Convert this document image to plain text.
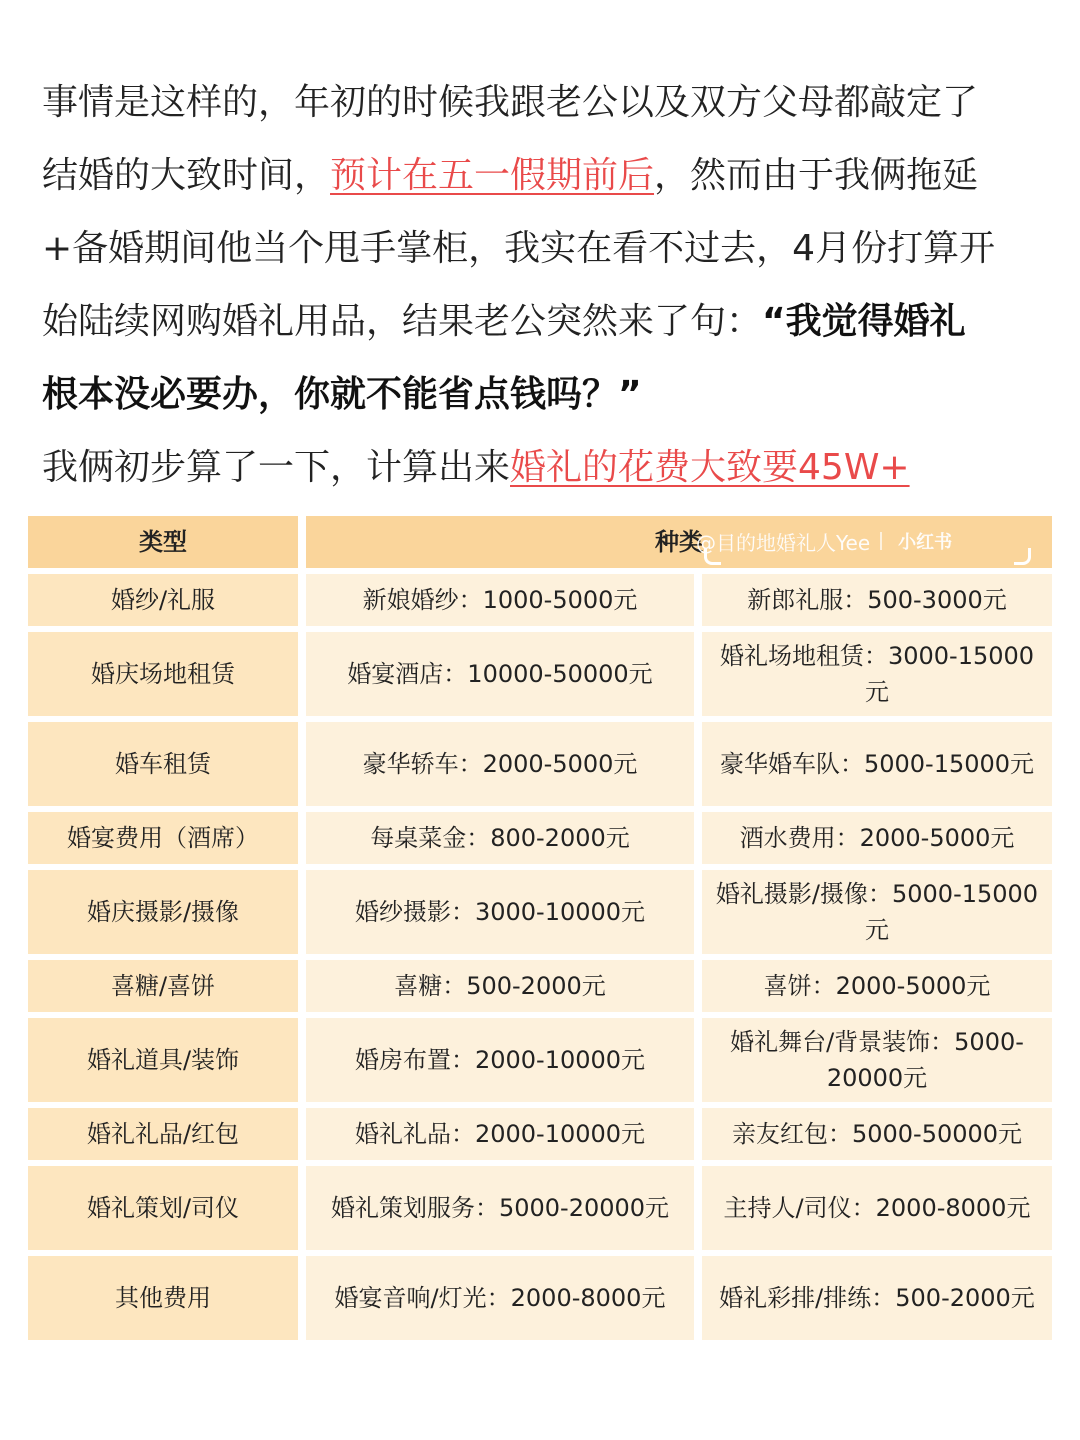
事情是这样的，年初的时候我跟老公以及双方父母都敲定了
结婚的大致时间，预计在五一假期前后，然而由于我俩拖延
+备婚期间他当个甩手掌柜，我实在看不过去，4月份打算开
始陆续网购婚礼用品，结果老公突然来了句：“我觉得婚礼
根本没必要办，你就不能省点钱吗？”
我俩初步算了一下，计算出来婚礼的花费大致要45W+
类型	种类	
婚纱/礼服	新娘婚纱：1000-5000元	新郎礼服：500-3000元
婚庆场地租赁	婚宴酒店：10000-50000元	婚礼场地租赁：3000-15000元
婚车租赁	豪华轿车：2000-5000元	豪华婚车队：5000-15000元
婚宴费用（酒席）	每桌菜金：800-2000元	酒水费用：2000-5000元
婚庆摄影/摄像	婚纱摄影：3000-10000元	婚礼摄影/摄像：5000-15000元
喜糖/喜饼	喜糖：500-2000元	喜饼：2000-5000元
婚礼道具/装饰	婚房布置：2000-10000元	婚礼舞台/背景装饰：5000-20000元
婚礼礼品/红包	婚礼礼品：2000-10000元	亲友红包：5000-50000元
婚礼策划/司仪	婚礼策划服务：5000-20000元	主持人/司仪：2000-8000元
其他费用	婚宴音响/灯光：2000-8000元	婚礼彩排/排练：500-2000元
@目的地婚礼人Yee 小红书
